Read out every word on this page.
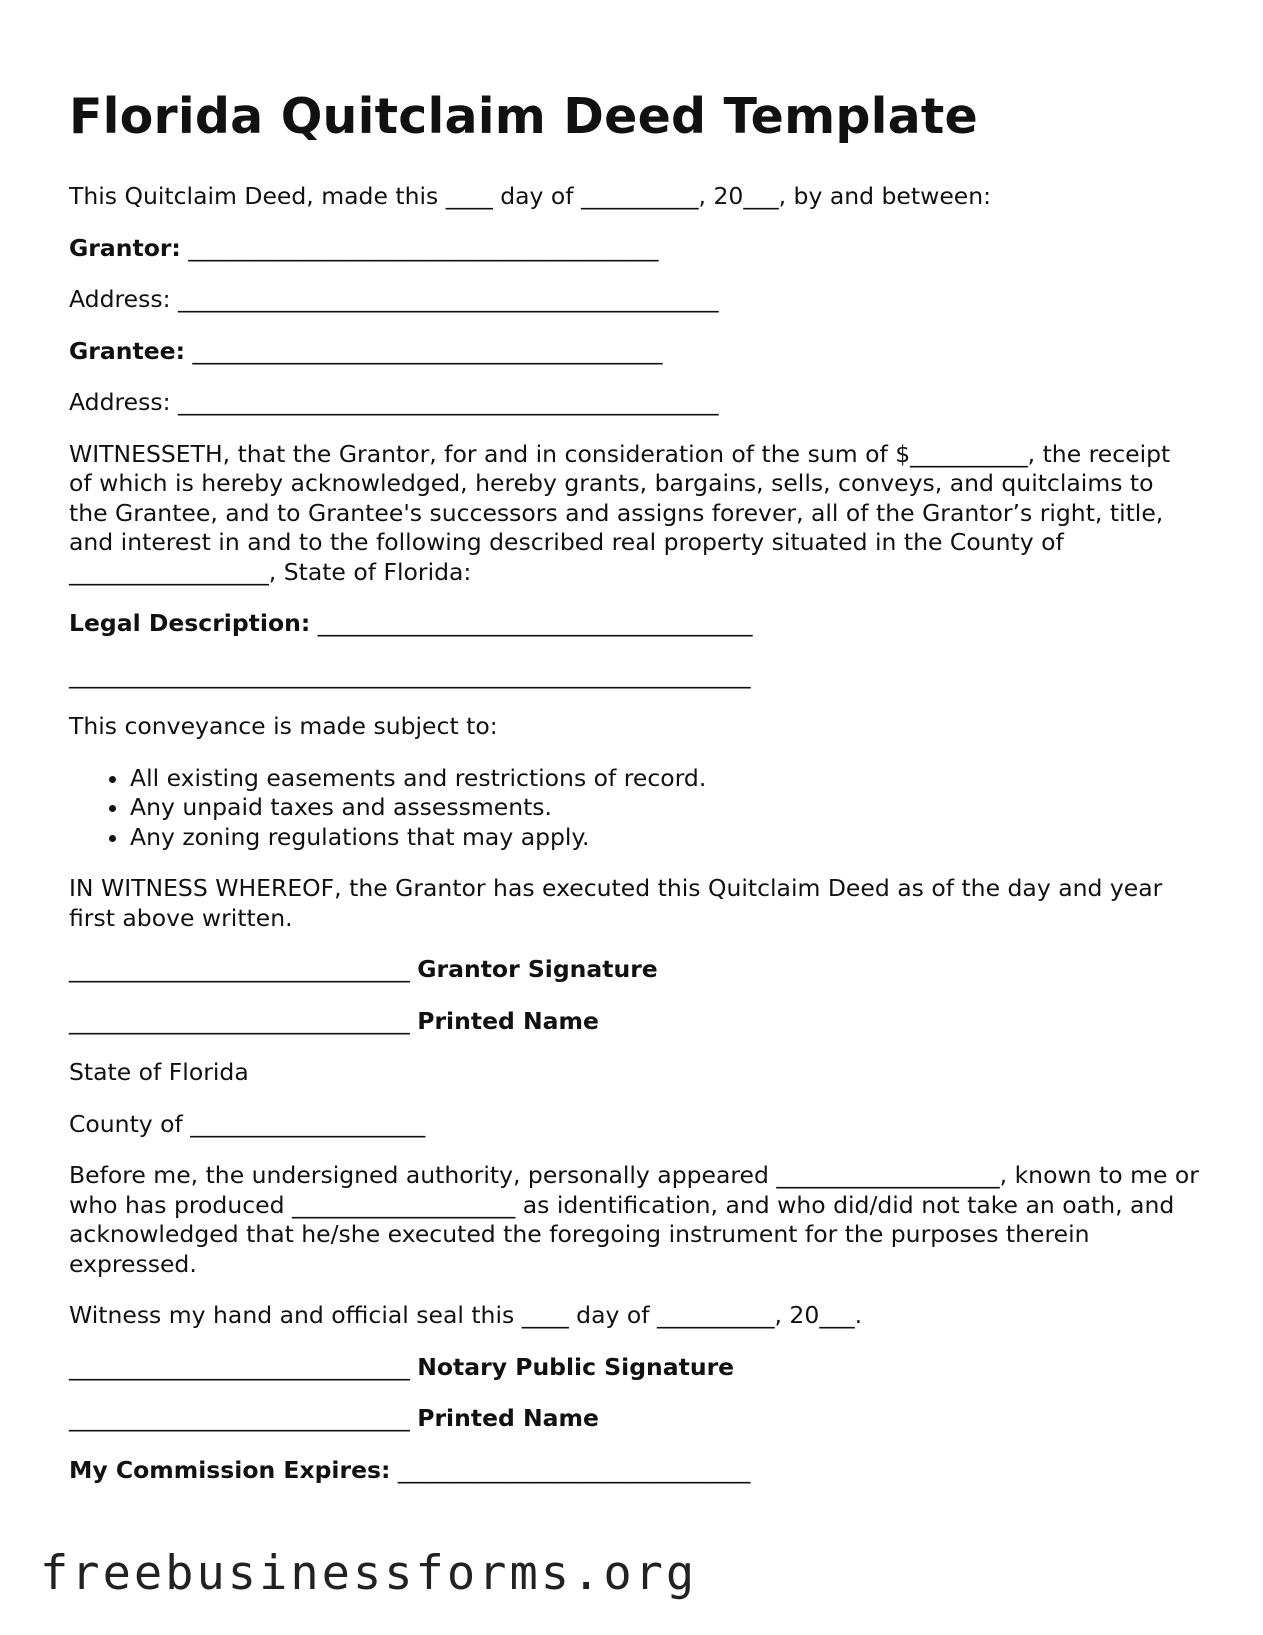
Florida Quitclaim Deed Template

This Quitclaim Deed, made this ____ day of __________, 20___, by and between:

Grantor: ________________________________________

Address: ______________________________________________

Grantee: ________________________________________

Address: ______________________________________________

WITNESSETH, that the Grantor, for and in consideration of the sum of $__________, the receipt of which is hereby acknowledged, hereby grants, bargains, sells, conveys, and quitclaims to the Grantee, and to Grantee's successors and assigns forever, all of the Grantor’s right, title, and interest in and to the following described real property situated in the County of _________________, State of Florida:

Legal Description: _____________________________________

__________________________________________________________

This conveyance is made subject to:

• All existing easements and restrictions of record.
• Any unpaid taxes and assessments.
• Any zoning regulations that may apply.

IN WITNESS WHEREOF, the Grantor has executed this Quitclaim Deed as of the day and year first above written.

_____________________________ Grantor Signature

_____________________________ Printed Name

State of Florida

County of ____________________

Before me, the undersigned authority, personally appeared ___________________, known to me or who has produced ___________________ as identification, and who did/did not take an oath, and acknowledged that he/she executed the foregoing instrument for the purposes therein expressed.

Witness my hand and official seal this ____ day of __________, 20___.

_____________________________ Notary Public Signature

_____________________________ Printed Name

My Commission Expires: ______________________________

freebusinessforms.org
